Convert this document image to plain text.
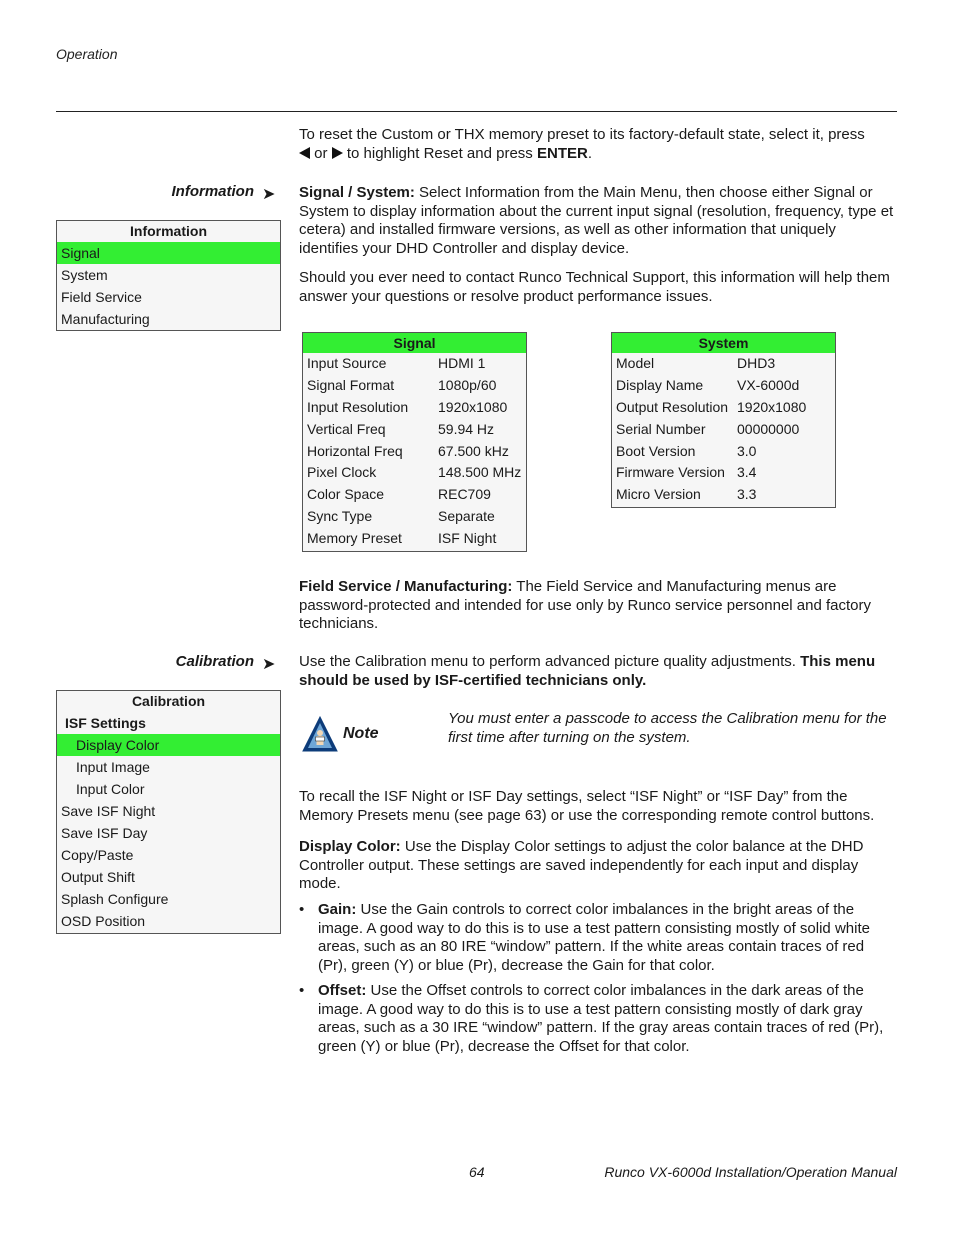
Operation
To reset the Custom or THX memory preset to its factory-default state, select it, press
or to highlight Reset and press ENTER.
Information ➤
Information
Signal
System
Field Service
Manufacturing
Signal / System: Select Information from the Main Menu, then choose either Signal or System to display information about the current input signal (resolution, frequency, type et cetera) and installed firmware versions, as well as other information that uniquely identifies your DHD Controller and display device.
Should you ever need to contact Runco Technical Support, this information will help them answer your questions or resolve product performance issues.
Signal
Input Source	HDMI 1
Signal Format	1080p/60
Input Resolution 1920x1080
Vertical Freq	59.94 Hz
Horizontal Freq	67.500 kHz
Pixel Clock	148.500 MHz
Color Space	REC709
Sync Type	Separate
Memory Preset	ISF Night
System
Model	DHD3
Display Name VX-6000d
Output Resolution 1920x1080
Serial Number 00000000
Boot Version	3.0
Firmware Version 3.4
Micro Version	3.3
Field Service / Manufacturing: The Field Service and Manufacturing menus are password-protected and intended for use only by Runco service personnel and factory technicians.
Calibration ➤ Use the Calibration menu to perform advanced picture quality adjustments. This menu should be used by ISF-certified technicians only.
Calibration
ISF Settings
Display Color
Input Image
Input Color
Save ISF Night
Save ISF Day
Copy/Paste
Output Shift
Splash Configure
OSD Position
Note
You must enter a passcode to access the Calibration menu for the first time after turning on the system.
To recall the ISF Night or ISF Day settings, select “ISF Night” or “ISF Day” from the Memory Presets menu (see page 63) or use the corresponding remote control buttons.
Display Color: Use the Display Color settings to adjust the color balance at the DHD Controller output. These settings are saved independently for each input and display mode.
• Gain: Use the Gain controls to correct color imbalances in the bright areas of the image. A good way to do this is to use a test pattern consisting mostly of solid white areas, such as an 80 IRE “window” pattern. If the white areas contain traces of red (Pr), green (Y) or blue (Pr), decrease the Gain for that color.
• Offset: Use the Offset controls to correct color imbalances in the dark areas of the image. A good way to do this is to use a test pattern consisting mostly of dark gray areas, such as a 30 IRE “window” pattern. If the gray areas contain traces of red (Pr), green (Y) or blue (Pr), decrease the Offset for that color.
64	Runco VX-6000d Installation/Operation Manual
